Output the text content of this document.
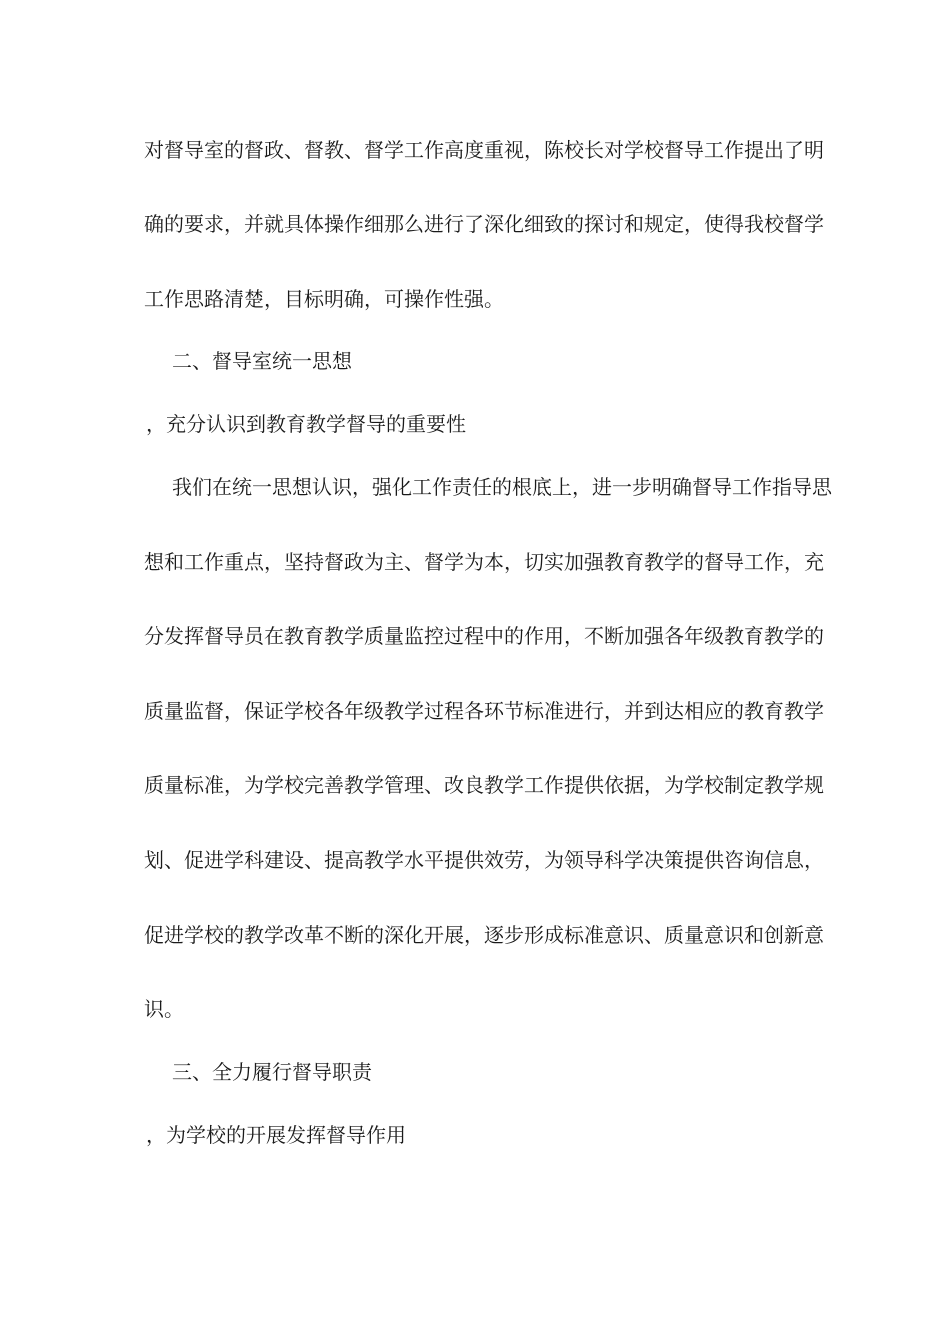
对督导室的督政、督教、督学工作高度重视，陈校长对学校督导工作提出了明

确的要求，并就具体操作细那么进行了深化细致的探讨和规定，使得我校督学

工作思路清楚，目标明确，可操作性强。

二、督导室统一思想

，充分认识到教育教学督导的重要性

我们在统一思想认识，强化工作责任的根底上，进一步明确督导工作指导思

想和工作重点，坚持督政为主、督学为本，切实加强教育教学的督导工作，充

分发挥督导员在教育教学质量监控过程中的作用，不断加强各年级教育教学的

质量监督，保证学校各年级教学过程各环节标准进行，并到达相应的教育教学

质量标准，为学校完善教学管理、改良教学工作提供依据，为学校制定教学规

划、促进学科建设、提高教学水平提供效劳，为领导科学决策提供咨询信息，

促进学校的教学改革不断的深化开展，逐步形成标准意识、质量意识和创新意

识。

三、全力履行督导职责

，为学校的开展发挥督导作用
